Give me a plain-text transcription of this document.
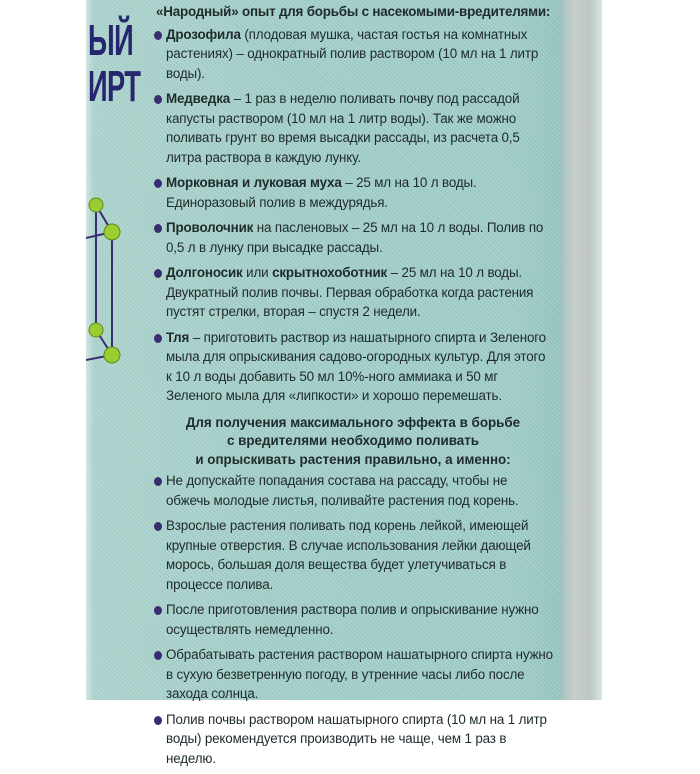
ЫЙ
ИРТ
«Народный» опыт для борьбы с насекомыми-вредителями:
Дрозофила (плодовая мушка, частая гостья на комнатных растениях) – однократный полив раствором (10 мл на 1 литр воды).
Медведка – 1 раз в неделю поливать почву под рассадой капусты раствором (10 мл на 1 литр воды). Так же можно поливать грунт во время высадки рассады, из расчета 0,5 литра раствора в каждую лунку.
Морковная и луковая муха – 25 мл на 10 л воды. Единоразовый полив в междурядья.
Проволочник на пасленовых – 25 мл на 10 л воды. Полив по 0,5 л в лунку при высадке рассады.
Долгоносик или скрытнохоботник – 25 мл на 10 л воды. Двукратный полив почвы. Первая обработка когда растения пустят стрелки, вторая – спустя 2 недели.
Тля – приготовить раствор из нашатырного спирта и Зеленого мыла для опрыскивания садово-огородных культур. Для этого к 10 л воды добавить 50 мл 10%-ного аммиака и 50 мг Зеленого мыла для «липкости» и хорошо перемешать.
Для получения максимального эффекта в борьбе
с вредителями необходимо поливать
и опрыскивать растения правильно, а именно:
Не допускайте попадания состава на рассаду, чтобы не обжечь молодые листья, поливайте растения под корень.
Взрослые растения поливать под корень лейкой, имеющей крупные отверстия. В случае использования лейки дающей морось, большая доля вещества будет улетучиваться в процессе полива.
После приготовления раствора полив и опрыскивание нужно осуществлять немедленно.
Обрабатывать растения раствором нашатырного спирта нужно в сухую безветренную погоду, в утренние часы либо после захода солнца.
Полив почвы раствором нашатырного спирта (10 мл на 1 литр воды) рекомендуется производить не чаще, чем 1 раз в неделю.
